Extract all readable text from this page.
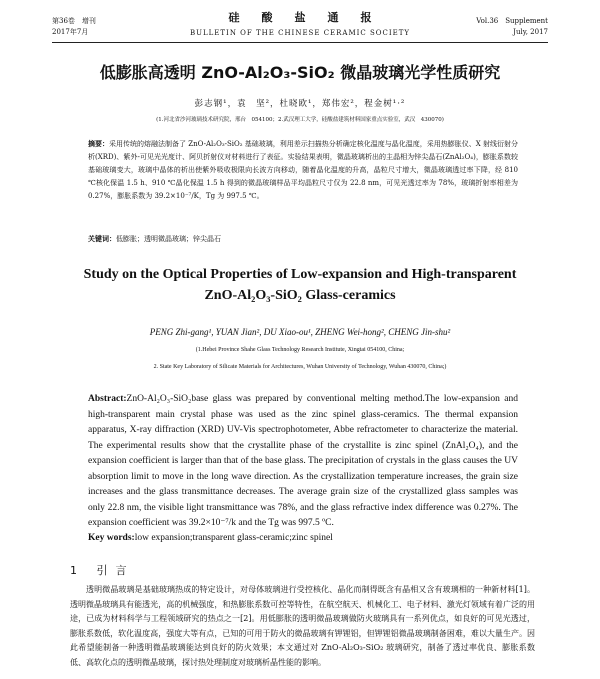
第36卷　增刊
2017年7月
硅酸盐通报
BULLETIN OF THE CHINESE CERAMIC SOCIETY
Vol.36　Supplement
July, 2017
低膨胀高透明 ZnO-Al₂O₃-SiO₂ 微晶玻璃光学性质研究
彭志钢¹，袁　坚²，杜晓欧¹，郑伟宏²，程金树¹·²
(1.河北省沙河玻璃技术研究院，邢台　054100；2.武汉理工大学，硅酸盐建筑材料国家重点实验室，武汉　430070)
摘要：采用传统的熔融法制备了 ZnO-Al₂O₃-SiO₂ 基础玻璃，利用差示扫描热分析确定核化温度与晶化温度，采用热膨胀仪、X 射线衍射分析(XRD)、紫外-可见光光度计、阿贝折射仪对材料进行了表征。实验结果表明，微晶玻璃析出的主晶相为锌尖晶石(ZnAl₂O₄)，膨胀系数较基础玻璃变大，玻璃中晶体的析出使紫外吸收极限向长波方向移动，随着晶化温度的升高，晶粒尺寸增大，微晶玻璃透过率下降，经 810 ℃核化保温 1.5 h、910 ℃晶化保温 1.5 h 得到的微晶玻璃样品平均晶粒尺寸仅为 22.8 nm，可见光透过率为 78%，玻璃折射率相差为 0.27%，膨胀系数为 39.2×10⁻⁷/K，Tg 为 997.5 ℃。
关键词：低膨胀；透明微晶玻璃；锌尖晶石
Study on the Optical Properties of Low-expansion and High-transparent
ZnO-Al₂O₃-SiO₂ Glass-ceramics
PENG Zhi-gang¹, YUAN Jian², DU Xiao-ou¹, ZHENG Wei-hong², CHENG Jin-shu²
(1.Hebei Province Shahe Glass Technology Research Institute, Xingtai 054100, China;
2. State Key Laboratory of Silicate Materials for Architectures, Wuhan University of Technology, Wuhan 430070, China;)
Abstract:ZnO-Al₂O₃-SiO₂base glass was prepared by conventional melting method.The low-expansion and high-transparent main crystal phase was used as the zinc spinel glass-ceramics. The thermal expansion apparatus, X-ray diffraction (XRD) UV-Vis spectrophotometer, Abbe refractometer to characterize the material. The experimental results show that the crystallite phase of the crystallite is zinc spinel (ZnAl₂O₄), and the expansion coefficient is larger than that of the base glass. The precipitation of crystals in the glass causes the UV absorption limit to move in the long wave direction. As the crystallization temperature increases, the grain size increases and the glass transmittance decreases. The average grain size of the crystallized glass samples was only 22.8 nm, the visible light transmittance was 78%, and the glass refractive index difference was 0.27%. The expansion coefficient was 39.2×10⁻⁷/k and the Tg was 997.5 ºC.
Key words:low expansion;transparent glass-ceramic;zinc spinel
1 引言
透明微晶玻璃是基础玻璃热成的特定设计，对母体玻璃进行受控核化、晶化而制得既含有晶相又含有玻璃相的一种新材料[1]。透明微晶玻璃具有能透光，高的机械强度，和热膨胀系数可控等特性，在航空航天、机械化工、电子材料、激光灯领域有着广泛的用途，已成为材料科学与工程领域研究的热点之一[2]。用低膨胀的透明微晶玻璃做防火玻璃具有一系列优点，如良好的可见光透过，膨胀系数低，软化温度高，强度大等有点，已知的可用于防火的微晶玻璃有钾锂铝，但钾锂铝微晶玻璃制备困难，难以大量生产。因此希望能制备一种透明微晶玻璃能达到良好的防火效果；本文通过对 ZnO-Al₂O₃-SiO₂ 玻璃研究，制备了透过率优良、膨胀系数低、高软化点的透明微晶玻璃，探讨热处理制度对玻璃析晶性能的影响。
